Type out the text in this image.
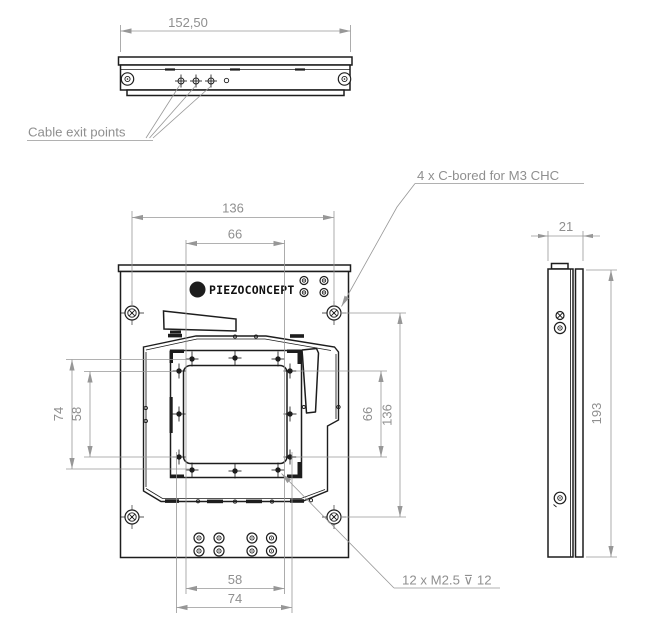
152,50
Cable exit points
PIEZOCONCEPT
136
66
74 58	66 136
58
74
4 x C-bored for M3 CHC
12 x M2.5 ⊽ 12
21
193
